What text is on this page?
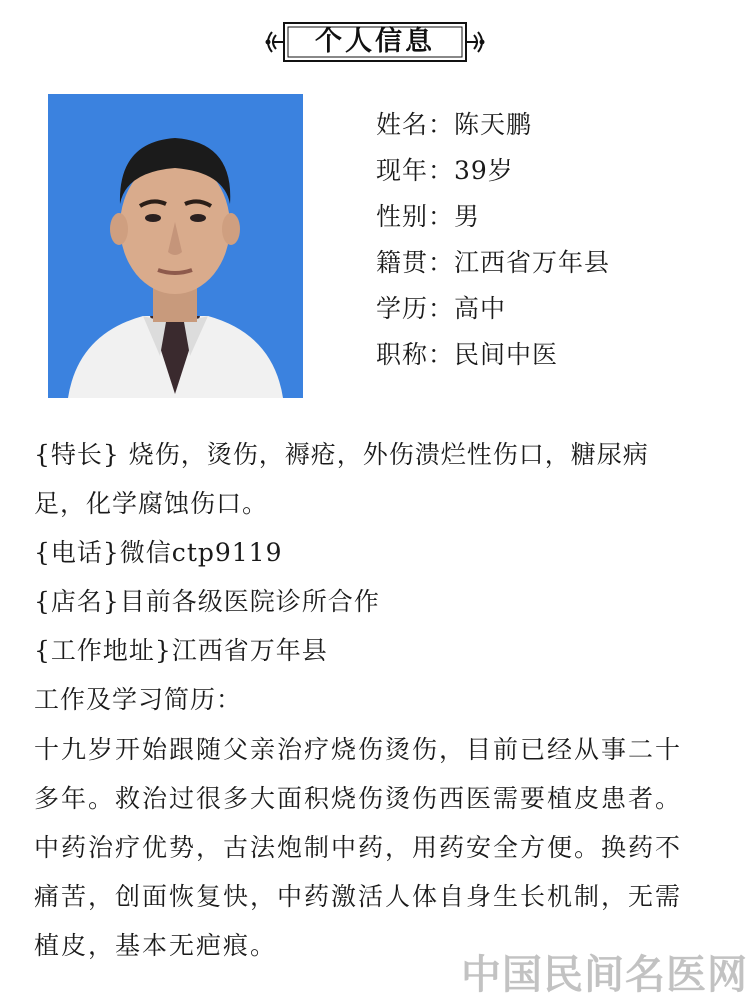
个人信息
姓名：陈天鹏
现年：39岁
性别：男
籍贯：江西省万年县
学历：高中
职称：民间中医
{特长} 烧伤，烫伤，褥疮，外伤溃烂性伤口，糖尿病
足，化学腐蚀伤口。
{电话}微信ctp9119
{店名}目前各级医院诊所合作
{工作地址}江西省万年县
工作及学习简历：
十九岁开始跟随父亲治疗烧伤烫伤，目前已经从事二十
多年。救治过很多大面积烧伤烫伤西医需要植皮患者。
中药治疗优势，古法炮制中药，用药安全方便。换药不
痛苦，创面恢复快，中药激活人体自身生长机制，无需
植皮，基本无疤痕。
中国民间名医网
